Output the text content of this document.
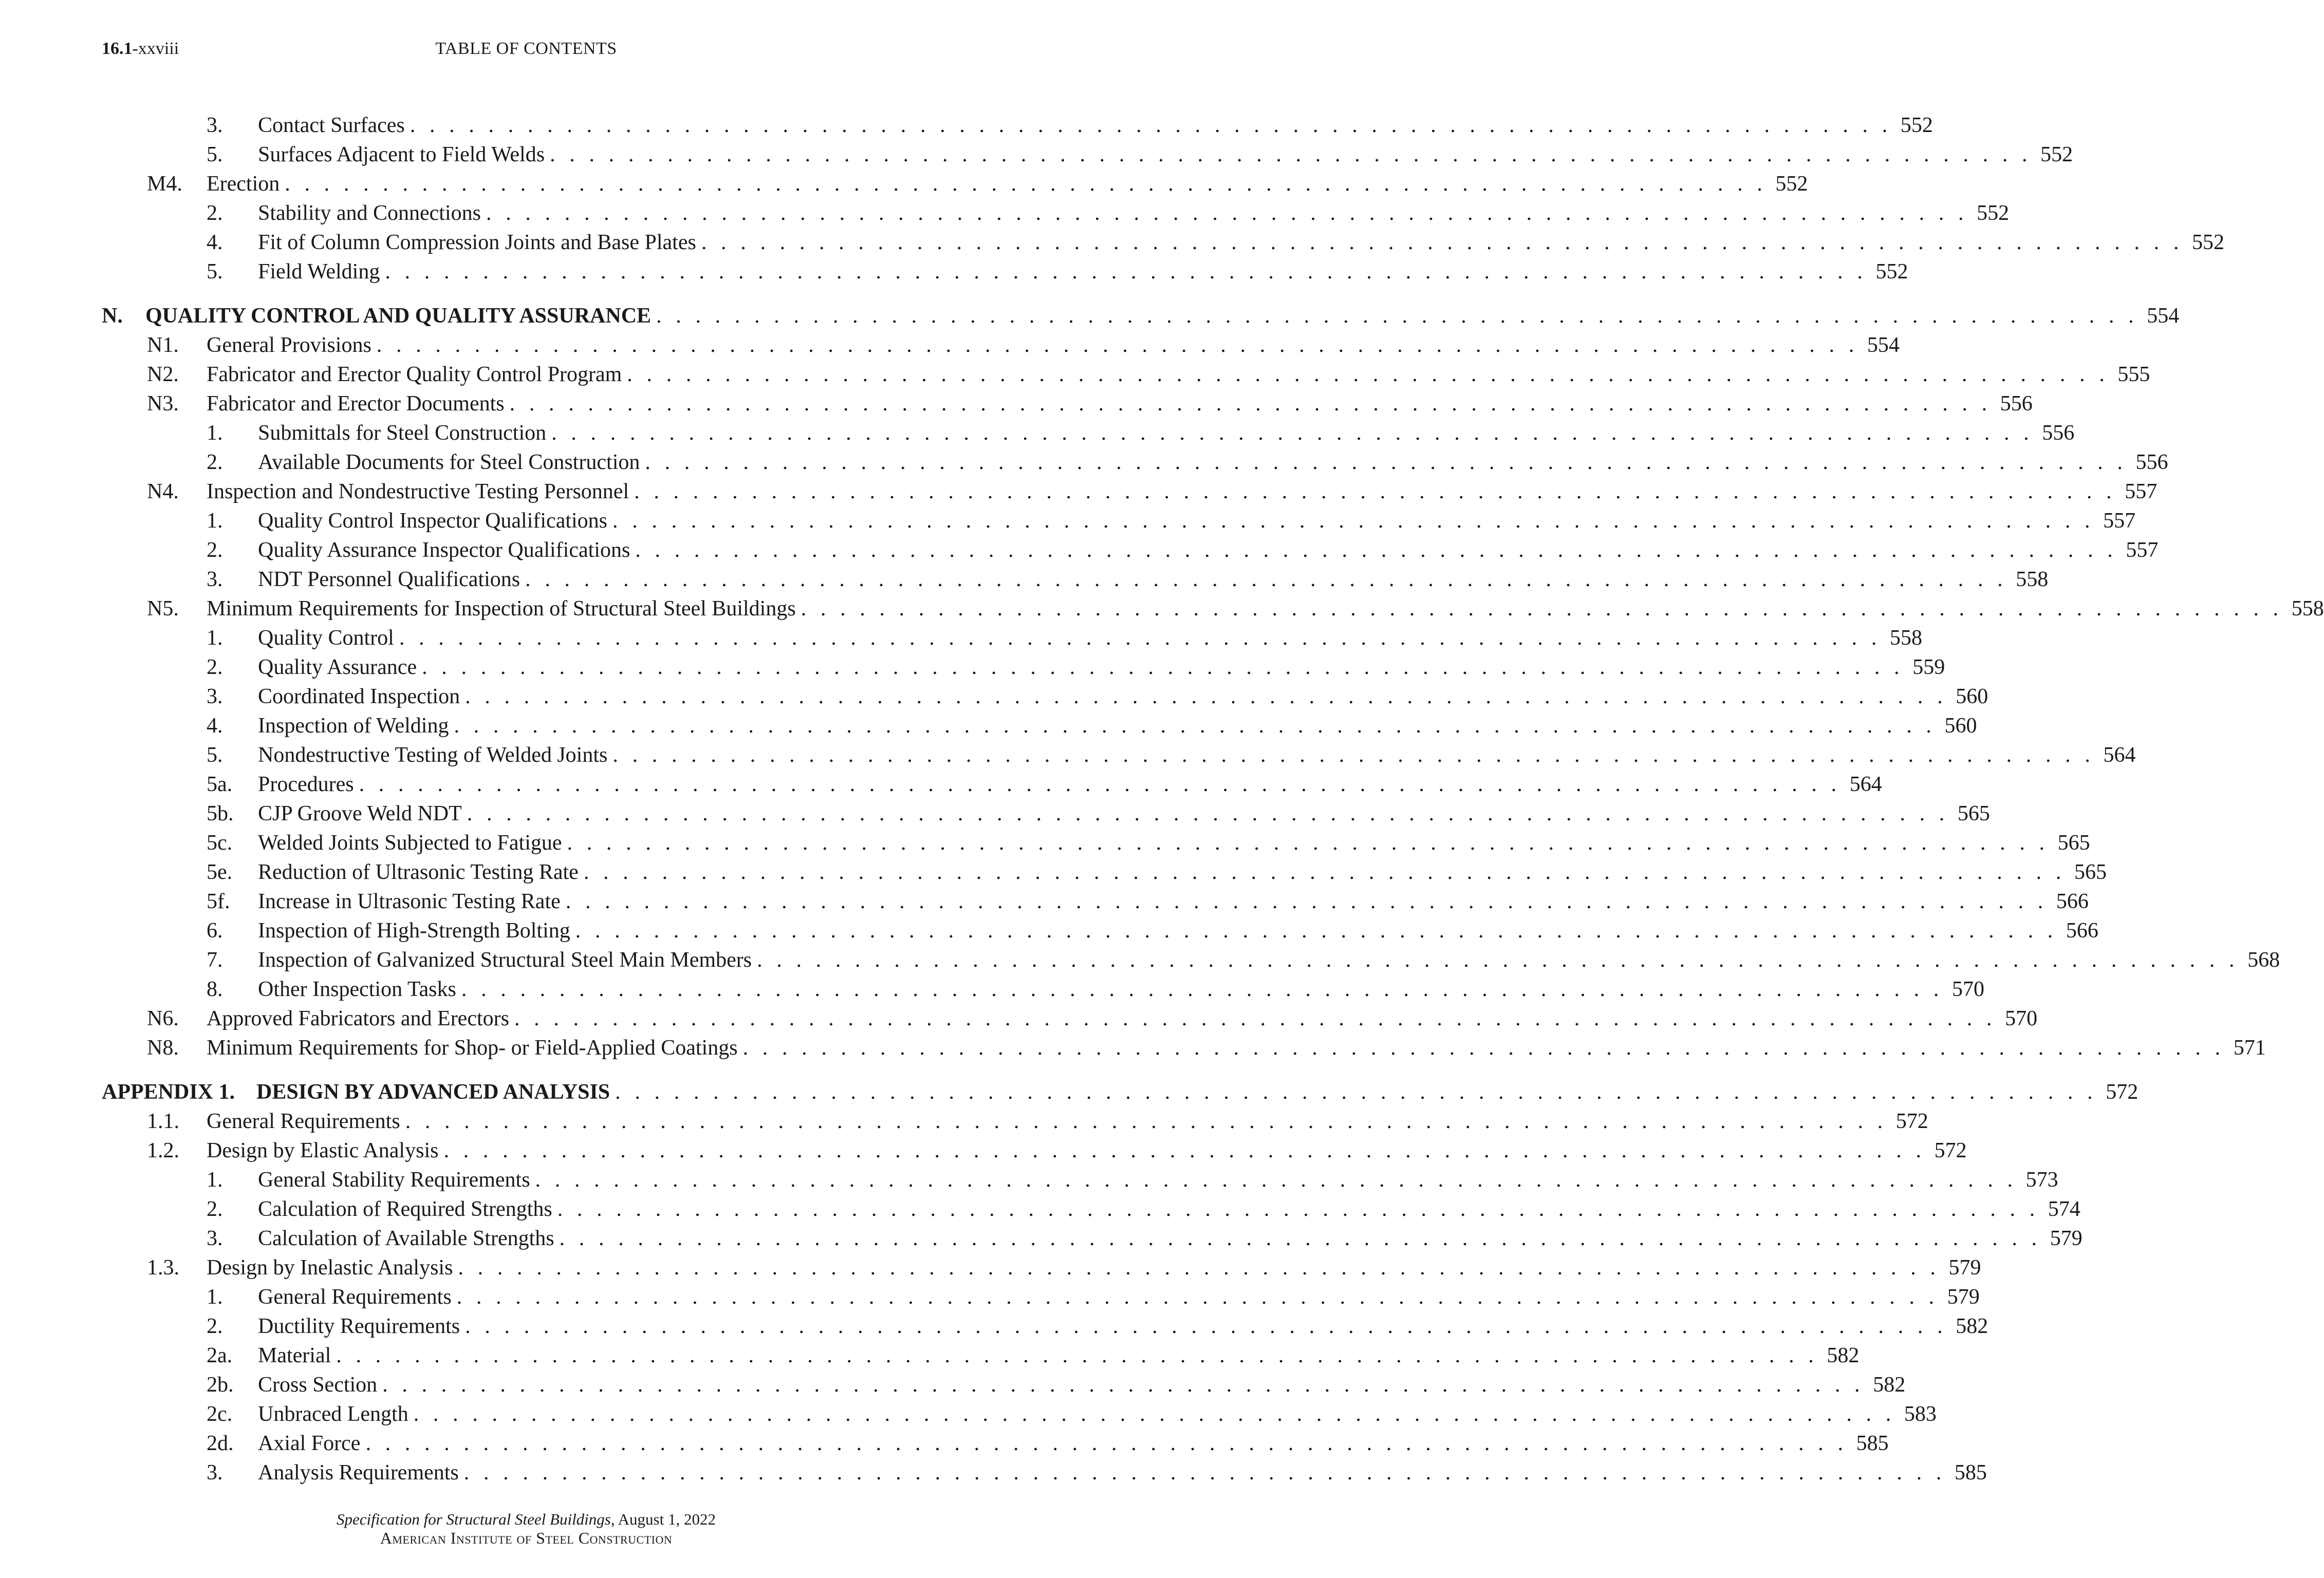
16.1-xxviii	TABLE OF CONTENTS
3. Contact Surfaces . . . . . . . . . . . . . . . . . . . . . . . . . . . . . . . . . . . . . . . . . . . . . . . . . . . . . . . . . . . . . . . . . . . . . . . . . . . . 552
5. Surfaces Adjacent to Field Welds . . . . . . . . . . . . . . . . . . . . . . . . . . . . . . . . . . . . . . . . . . . . . . . . . . . . . . . . . . . . . . . . . . . . . . . . . . . . 552
M4. Erection . . . . . . . . . . . . . . . . . . . . . . . . . . . . . . . . . . . . . . . . . . . . . . . . . . . . . . . . . . . . . . . . . . . . . . . . . . . . 552
2. Stability and Connections . . . . . . . . . . . . . . . . . . . . . . . . . . . . . . . . . . . . . . . . . . . . . . . . . . . . . . . . . . . . . . . . . . . . . . . . . . . . 552
4. Fit of Column Compression Joints and Base Plates . . . . . . . . . . . . . . . . . . . . . . . . . . . . . . . . . . . . . . . . . . . . . . . . . . . . . . . . . . . . . . . . . . . . . . . . . . . . 552
5. Field Welding . . . . . . . . . . . . . . . . . . . . . . . . . . . . . . . . . . . . . . . . . . . . . . . . . . . . . . . . . . . . . . . . . . . . . . . . . . . . 552
N. QUALITY CONTROL AND QUALITY ASSURANCE . . . . . . . . . . . . . . . . . . . . . . . . . . . . . . . . . . . . . . . . . . . . . . . . . . . . . . . . . . . . . . . . . . . . . . . . . . . . 554
N1. General Provisions . . . . . . . . . . . . . . . . . . . . . . . . . . . . . . . . . . . . . . . . . . . . . . . . . . . . . . . . . . . . . . . . . . . . . . . . . . . . 554
N2. Fabricator and Erector Quality Control Program . . . . . . . . . . . . . . . . . . . . . . . . . . . . . . . . . . . . . . . . . . . . . . . . . . . . . . . . . . . . . . . . . . . . . . . . . . . . 555
N3. Fabricator and Erector Documents . . . . . . . . . . . . . . . . . . . . . . . . . . . . . . . . . . . . . . . . . . . . . . . . . . . . . . . . . . . . . . . . . . . . . . . . . . . . 556
1. Submittals for Steel Construction . . . . . . . . . . . . . . . . . . . . . . . . . . . . . . . . . . . . . . . . . . . . . . . . . . . . . . . . . . . . . . . . . . . . . . . . . . . . 556
2. Available Documents for Steel Construction . . . . . . . . . . . . . . . . . . . . . . . . . . . . . . . . . . . . . . . . . . . . . . . . . . . . . . . . . . . . . . . . . . . . . . . . . . . . 556
N4. Inspection and Nondestructive Testing Personnel . . . . . . . . . . . . . . . . . . . . . . . . . . . . . . . . . . . . . . . . . . . . . . . . . . . . . . . . . . . . . . . . . . . . . . . . . . . . 557
1. Quality Control Inspector Qualifications . . . . . . . . . . . . . . . . . . . . . . . . . . . . . . . . . . . . . . . . . . . . . . . . . . . . . . . . . . . . . . . . . . . . . . . . . . . . 557
2. Quality Assurance Inspector Qualifications . . . . . . . . . . . . . . . . . . . . . . . . . . . . . . . . . . . . . . . . . . . . . . . . . . . . . . . . . . . . . . . . . . . . . . . . . . . . 557
3. NDT Personnel Qualifications . . . . . . . . . . . . . . . . . . . . . . . . . . . . . . . . . . . . . . . . . . . . . . . . . . . . . . . . . . . . . . . . . . . . . . . . . . . . 558
N5. Minimum Requirements for Inspection of Structural Steel Buildings . . . . . . . . . . . . . . . . . . . . . . . . . . . . . . . . . . . . . . . . . . . . . . . . . . . . . . . . . . . . . . . . . . . . . . . . . . . . 558
1. Quality Control . . . . . . . . . . . . . . . . . . . . . . . . . . . . . . . . . . . . . . . . . . . . . . . . . . . . . . . . . . . . . . . . . . . . . . . . . . . . 558
2. Quality Assurance . . . . . . . . . . . . . . . . . . . . . . . . . . . . . . . . . . . . . . . . . . . . . . . . . . . . . . . . . . . . . . . . . . . . . . . . . . . . 559
3. Coordinated Inspection . . . . . . . . . . . . . . . . . . . . . . . . . . . . . . . . . . . . . . . . . . . . . . . . . . . . . . . . . . . . . . . . . . . . . . . . . . . . 560
4. Inspection of Welding . . . . . . . . . . . . . . . . . . . . . . . . . . . . . . . . . . . . . . . . . . . . . . . . . . . . . . . . . . . . . . . . . . . . . . . . . . . . 560
5. Nondestructive Testing of Welded Joints . . . . . . . . . . . . . . . . . . . . . . . . . . . . . . . . . . . . . . . . . . . . . . . . . . . . . . . . . . . . . . . . . . . . . . . . . . . . 564
5a. Procedures . . . . . . . . . . . . . . . . . . . . . . . . . . . . . . . . . . . . . . . . . . . . . . . . . . . . . . . . . . . . . . . . . . . . . . . . . . . . 564
5b. CJP Groove Weld NDT . . . . . . . . . . . . . . . . . . . . . . . . . . . . . . . . . . . . . . . . . . . . . . . . . . . . . . . . . . . . . . . . . . . . . . . . . . . . 565
5c. Welded Joints Subjected to Fatigue . . . . . . . . . . . . . . . . . . . . . . . . . . . . . . . . . . . . . . . . . . . . . . . . . . . . . . . . . . . . . . . . . . . . . . . . . . . . 565
5e. Reduction of Ultrasonic Testing Rate . . . . . . . . . . . . . . . . . . . . . . . . . . . . . . . . . . . . . . . . . . . . . . . . . . . . . . . . . . . . . . . . . . . . . . . . . . . . 565
5f. Increase in Ultrasonic Testing Rate . . . . . . . . . . . . . . . . . . . . . . . . . . . . . . . . . . . . . . . . . . . . . . . . . . . . . . . . . . . . . . . . . . . . . . . . . . . . 566
6. Inspection of High-Strength Bolting . . . . . . . . . . . . . . . . . . . . . . . . . . . . . . . . . . . . . . . . . . . . . . . . . . . . . . . . . . . . . . . . . . . . . . . . . . . . 566
7. Inspection of Galvanized Structural Steel Main Members . . . . . . . . . . . . . . . . . . . . . . . . . . . . . . . . . . . . . . . . . . . . . . . . . . . . . . . . . . . . . . . . . . . . . . . . . . . . 568
8. Other Inspection Tasks . . . . . . . . . . . . . . . . . . . . . . . . . . . . . . . . . . . . . . . . . . . . . . . . . . . . . . . . . . . . . . . . . . . . . . . . . . . . 570
N6. Approved Fabricators and Erectors . . . . . . . . . . . . . . . . . . . . . . . . . . . . . . . . . . . . . . . . . . . . . . . . . . . . . . . . . . . . . . . . . . . . . . . . . . . . 570
N8. Minimum Requirements for Shop- or Field-Applied Coatings . . . . . . . . . . . . . . . . . . . . . . . . . . . . . . . . . . . . . . . . . . . . . . . . . . . . . . . . . . . . . . . . . . . . . . . . . . . . 571
APPENDIX 1.    DESIGN BY ADVANCED ANALYSIS . . . . . . . . . . . . . . . . . . . . . . . . . . . . . . . . . . . . . . . . . . . . . . . . . . . . . . . . . . . . . . . . . . . . . . . . . . . . 572
1.1. General Requirements . . . . . . . . . . . . . . . . . . . . . . . . . . . . . . . . . . . . . . . . . . . . . . . . . . . . . . . . . . . . . . . . . . . . . . . . . . . . 572
1.2. Design by Elastic Analysis . . . . . . . . . . . . . . . . . . . . . . . . . . . . . . . . . . . . . . . . . . . . . . . . . . . . . . . . . . . . . . . . . . . . . . . . . . . . 572
1. General Stability Requirements . . . . . . . . . . . . . . . . . . . . . . . . . . . . . . . . . . . . . . . . . . . . . . . . . . . . . . . . . . . . . . . . . . . . . . . . . . . . 573
2. Calculation of Required Strengths . . . . . . . . . . . . . . . . . . . . . . . . . . . . . . . . . . . . . . . . . . . . . . . . . . . . . . . . . . . . . . . . . . . . . . . . . . . . 574
3. Calculation of Available Strengths . . . . . . . . . . . . . . . . . . . . . . . . . . . . . . . . . . . . . . . . . . . . . . . . . . . . . . . . . . . . . . . . . . . . . . . . . . . . 579
1.3. Design by Inelastic Analysis . . . . . . . . . . . . . . . . . . . . . . . . . . . . . . . . . . . . . . . . . . . . . . . . . . . . . . . . . . . . . . . . . . . . . . . . . . . . 579
1. General Requirements . . . . . . . . . . . . . . . . . . . . . . . . . . . . . . . . . . . . . . . . . . . . . . . . . . . . . . . . . . . . . . . . . . . . . . . . . . . . 579
2. Ductility Requirements . . . . . . . . . . . . . . . . . . . . . . . . . . . . . . . . . . . . . . . . . . . . . . . . . . . . . . . . . . . . . . . . . . . . . . . . . . . . 582
2a. Material . . . . . . . . . . . . . . . . . . . . . . . . . . . . . . . . . . . . . . . . . . . . . . . . . . . . . . . . . . . . . . . . . . . . . . . . . . . . 582
2b. Cross Section . . . . . . . . . . . . . . . . . . . . . . . . . . . . . . . . . . . . . . . . . . . . . . . . . . . . . . . . . . . . . . . . . . . . . . . . . . . . 582
2c. Unbraced Length . . . . . . . . . . . . . . . . . . . . . . . . . . . . . . . . . . . . . . . . . . . . . . . . . . . . . . . . . . . . . . . . . . . . . . . . . . . . 583
2d. Axial Force . . . . . . . . . . . . . . . . . . . . . . . . . . . . . . . . . . . . . . . . . . . . . . . . . . . . . . . . . . . . . . . . . . . . . . . . . . . . 585
3. Analysis Requirements . . . . . . . . . . . . . . . . . . . . . . . . . . . . . . . . . . . . . . . . . . . . . . . . . . . . . . . . . . . . . . . . . . . . . . . . . . . . 585
Specification for Structural Steel Buildings, August 1, 2022
American Institute of Steel Construction
